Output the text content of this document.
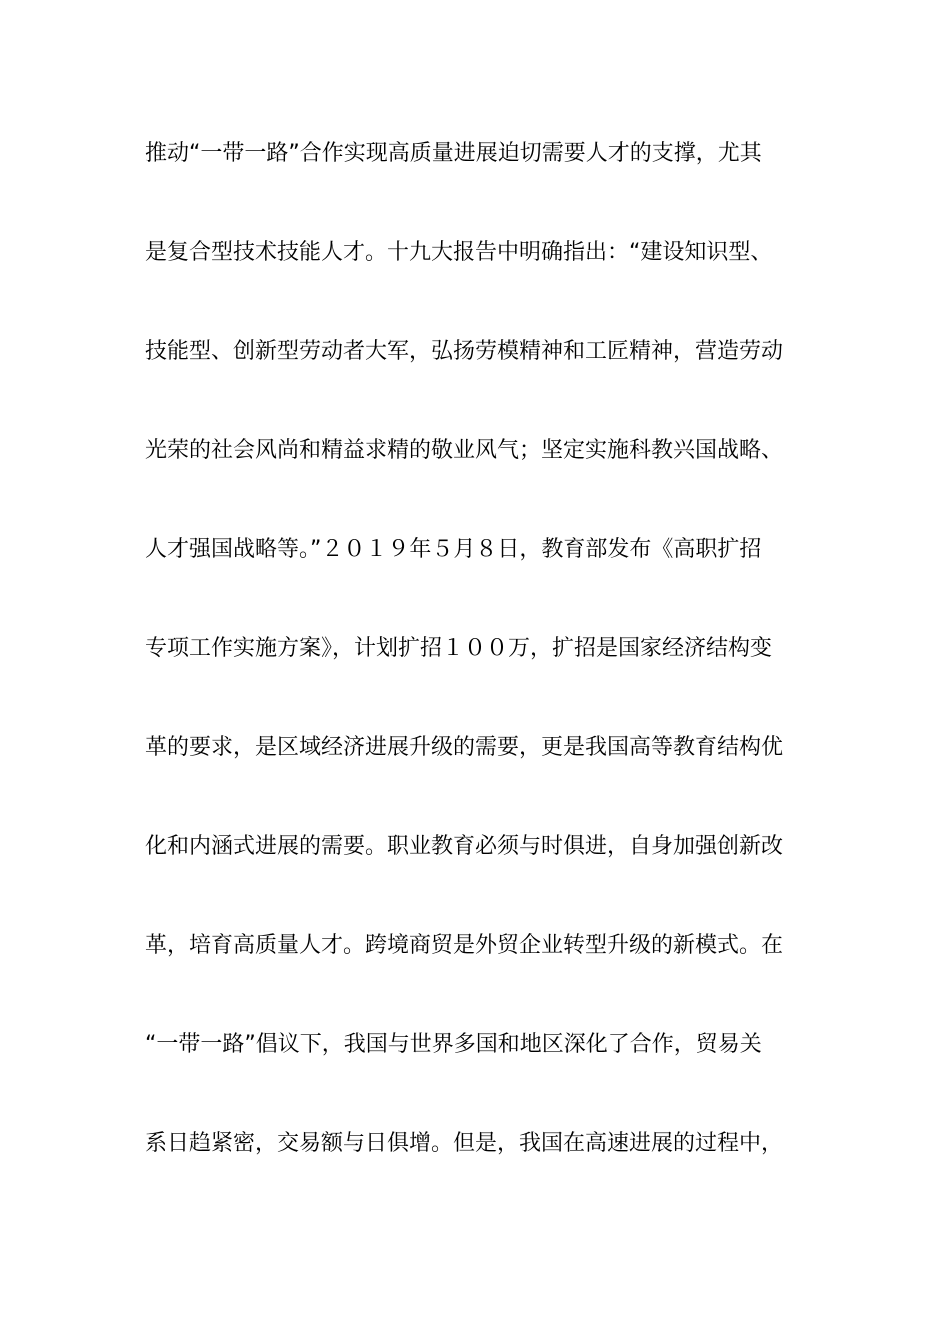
推动“一带一路”合作实现高质量进展迫切需要人才的支撑，尤其
是复合型技术技能人才。十九大报告中明确指出：“建设知识型、
技能型、创新型劳动者大军，弘扬劳模精神和工匠精神，营造劳动
光荣的社会风尚和精益求精的敬业风气；坚定实施科教兴国战略、
人才强国战略等。”２０１９年５月８日，教育部发布《高职扩招
专项工作实施方案》，计划扩招１００万，扩招是国家经济结构变
革的要求，是区域经济进展升级的需要，更是我国高等教育结构优
化和内涵式进展的需要。职业教育必须与时俱进，自身加强创新改
革，培育高质量人才。跨境商贸是外贸企业转型升级的新模式。在
“一带一路”倡议下，我国与世界多国和地区深化了合作，贸易关
系日趋紧密，交易额与日俱增。但是，我国在高速进展的过程中，
